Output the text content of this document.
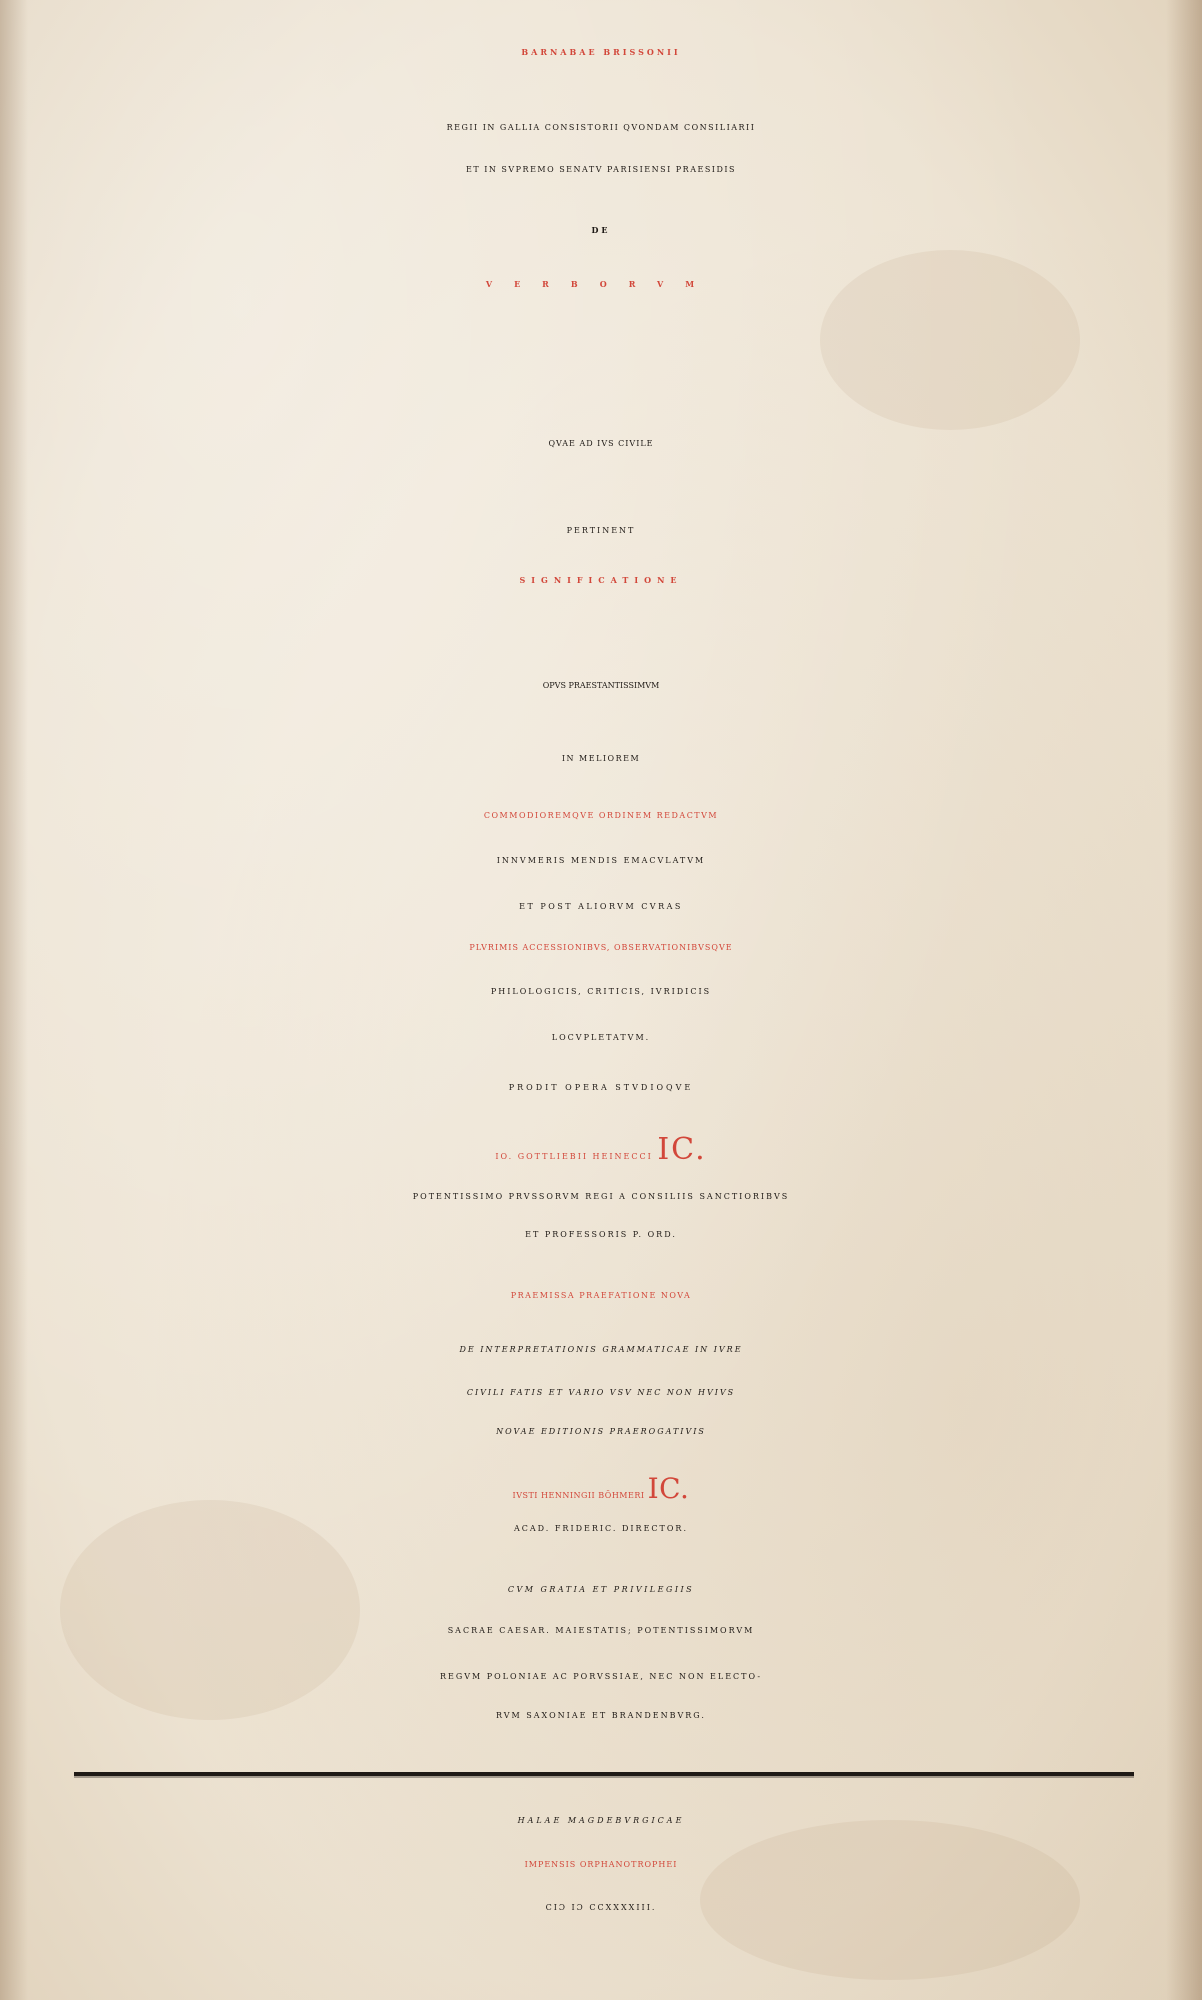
BARNABAE BRISSONII
REGII IN GALLIA CONSISTORII QVONDAM CONSILIARII
ET IN SVPREMO SENATV PARISIENSI PRAESIDIS
DE
VERBORVM
QVAE AD IVS CIVILE
PERTINENT
SIGNIFICATIONE
OPVS PRAESTANTISSIMVM
IN MELIOREM
COMMODIOREMQVE ORDINEM REDACTVM
INNVMERIS MENDIS EMACVLATVM
ET POST ALIORVM CVRAS
PLVRIMIS ACCESSIONIBVS, OBSERVATIONIBVSQVE
PHILOLOGICIS, CRITICIS, IVRIDICIS
LOCVPLETATVM.
PRODIT OPERA STVDIOQVE
IO. GOTTLIEBII HEINECCI IC.
POTENTISSIMO PRVSSORVM REGI A CONSILIIS SANCTIORIBVS
ET PROFESSORIS P. ORD.
PRAEMISSA PRAEFATIONE NOVA
DE INTERPRETATIONIS GRAMMATICAE IN IVRE
CIVILI FATIS ET VARIO VSV NEC NON HVIVS
NOVAE EDITIONIS PRAEROGATIVIS
IVSTI HENNINGII BÖHMERI IC.
ACAD. FRIDERIC. DIRECTOR.
CVM GRATIA ET PRIVILEGIIS
SACRAE CAESAR. MAIESTATIS; POTENTISSIMORVM
REGVM POLONIAE AC PORVSSIAE, NEC NON ELECTO-
RVM SAXONIAE ET BRANDENBVRG.
HALAE MAGDEBVRGICAE
IMPENSIS ORPHANOTROPHEI
CIƆ IƆ CCXXXXIII.
